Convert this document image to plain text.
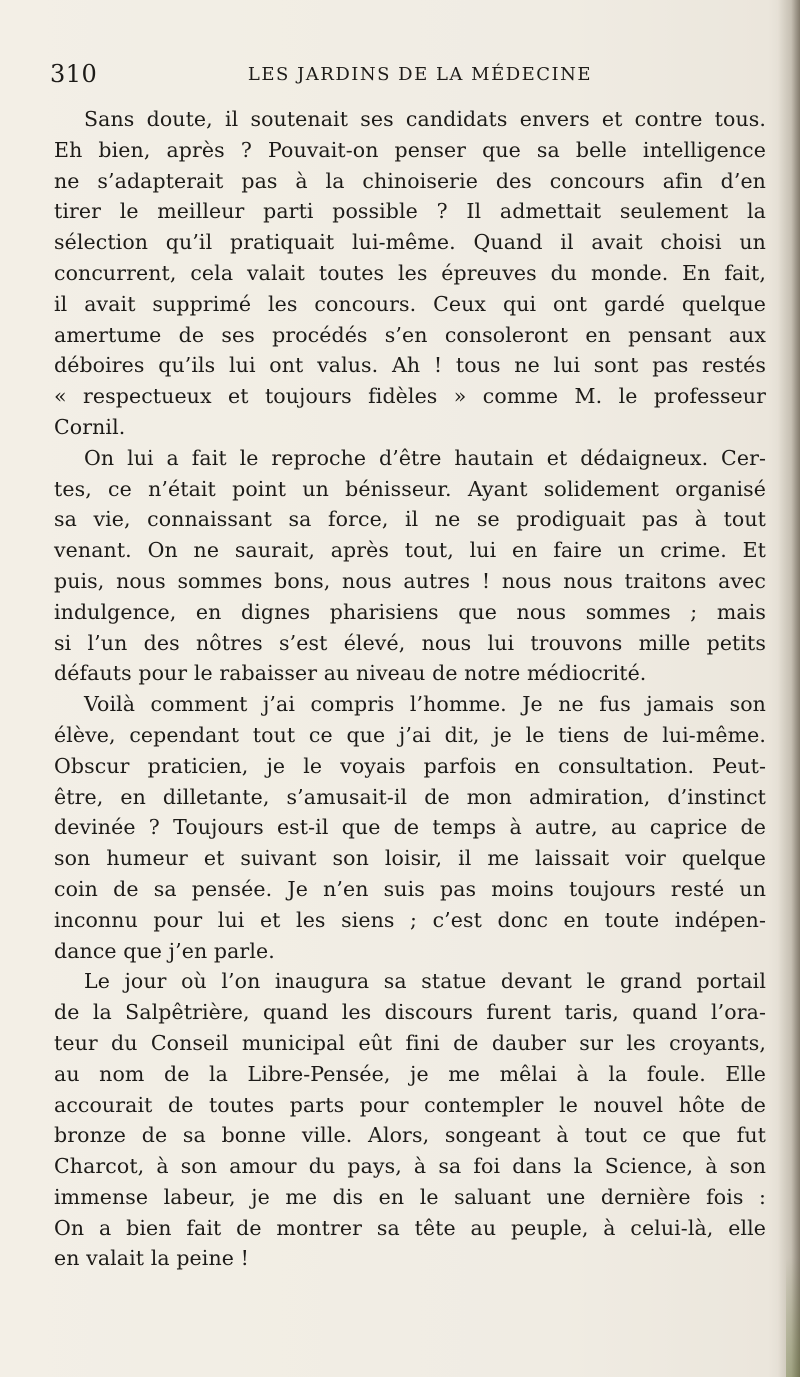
310	LES JARDINS DE LA MÉDECINE
Sans doute, il soutenait ses candidats envers et contre tous.
Eh bien, après ? Pouvait-on penser que sa belle intelligence
ne s’adapterait pas à la chinoiserie des concours afin d’en
tirer le meilleur parti possible ? Il admettait seulement la
sélection qu’il pratiquait lui-même. Quand il avait choisi un
concurrent, cela valait toutes les épreuves du monde. En fait,
il avait supprimé les concours. Ceux qui ont gardé quelque
amertume de ses procédés s’en consoleront en pensant aux
déboires qu’ils lui ont valus. Ah ! tous ne lui sont pas restés
« respectueux et toujours fidèles » comme M. le professeur
Cornil.
On lui a fait le reproche d’être hautain et dédaigneux. Cer-
tes, ce n’était point un bénisseur. Ayant solidement organisé
sa vie, connaissant sa force, il ne se prodiguait pas à tout
venant. On ne saurait, après tout, lui en faire un crime. Et
puis, nous sommes bons, nous autres ! nous nous traitons avec
indulgence, en dignes pharisiens que nous sommes ; mais
si l’un des nôtres s’est élevé, nous lui trouvons mille petits
défauts pour le rabaisser au niveau de notre médiocrité.
Voilà comment j’ai compris l’homme. Je ne fus jamais son
élève, cependant tout ce que j’ai dit, je le tiens de lui-même.
Obscur praticien, je le voyais parfois en consultation. Peut-
être, en dilletante, s’amusait-il de mon admiration, d’instinct
devinée ? Toujours est-il que de temps à autre, au caprice de
son humeur et suivant son loisir, il me laissait voir quelque
coin de sa pensée. Je n’en suis pas moins toujours resté un
inconnu pour lui et les siens ; c’est donc en toute indépen-
dance que j’en parle.
Le jour où l’on inaugura sa statue devant le grand portail
de la Salpêtrière, quand les discours furent taris, quand l’ora-
teur du Conseil municipal eût fini de dauber sur les croyants,
au nom de la Libre-Pensée, je me mêlai à la foule. Elle
accourait de toutes parts pour contempler le nouvel hôte de
bronze de sa bonne ville. Alors, songeant à tout ce que fut
Charcot, à son amour du pays, à sa foi dans la Science, à son
immense labeur, je me dis en le saluant une dernière fois :
On a bien fait de montrer sa tête au peuple, à celui-là, elle
en valait la peine !
